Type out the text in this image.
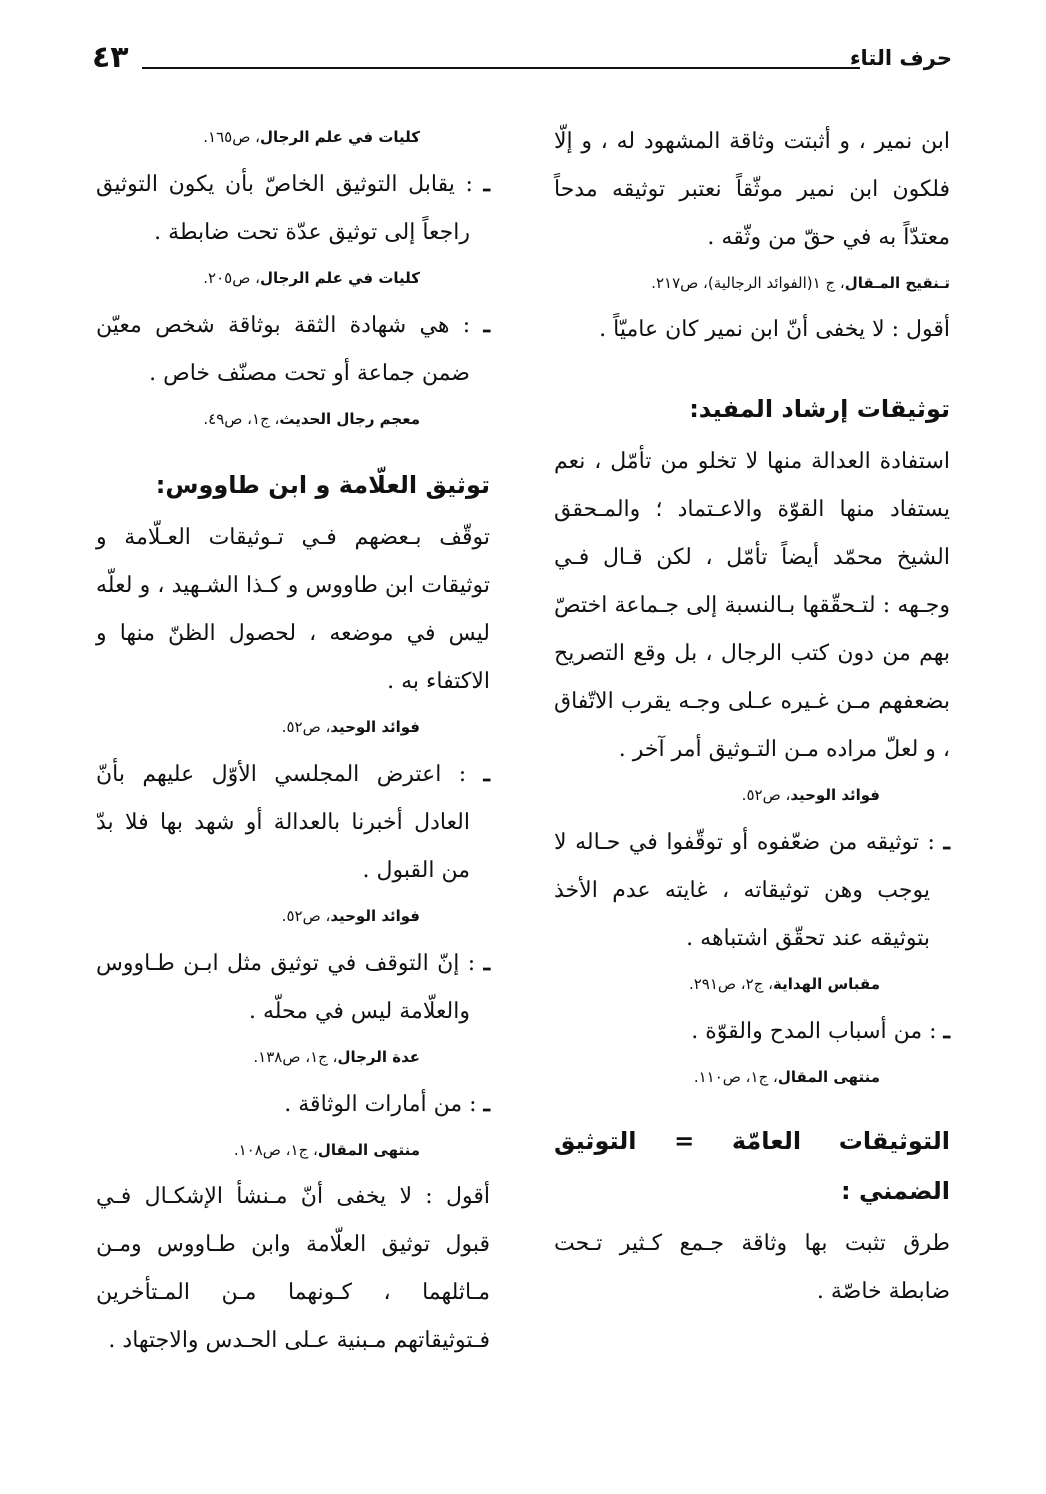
حرف التاء
٤٣

ابن نمير ، و أثبتت وثاقة المشهود له ، و إلّا فلكون ابن نمير موثّقاً نعتبر توثيقه مدحاً معتدّاً به في حقّ من وثّقه .

تـنقيح المـقال، ج ١(الفوائد الرجالية)، ص٢١٧.

أقول : لا يخفى أنّ ابن نمير كان عاميّاً .

توثيقات إرشاد المفيد:

استفادة العدالة منها لا تخلو من تأمّل ، نعم يستفاد منها القوّة والاعـتماد ؛ والمـحقق الشيخ محمّد أيضاً تأمّل ، لكن قـال فـي وجـهه : لتـحقّقها بـالنسبة إلى جـماعة اختصّ بهم من دون كتب الرجال ، بل وقع التصريح بضعفهم مـن غـيره عـلى وجـه يقرب الاتّفاق ، و لعلّ مراده مـن التـوثيق أمر آخر .

فوائد الوحيد، ص٥٢.

ـ : توثيقه من ضعّفوه أو توقّفوا في حـاله لا يوجب وهن توثيقاته ، غايته عدم الأخذ بتوثيقه عند تحقّق اشتباهه .

مقباس الهداية، ج٢، ص٢٩١.

ـ : من أسباب المدح والقوّة .

منتهى المقال، ج١، ص١١٠.
التوثيقات العامّة = التوثيق الضمني :

طرق تثبت بها وثاقة جـمع كـثير تـحت ضابطة خاصّة .

كليات في علم الرجال، ص١٦٥.

ـ : يقابل التوثيق الخاصّ بأن يكون التوثيق راجعاً إلى توثيق عدّة تحت ضابطة .

كليات في علم الرجال، ص٢٠٥.

ـ : هي شهادة الثقة بوثاقة شخص معيّن ضمن جماعة أو تحت مصنّف خاص .

معجم رجال الحديث، ج١، ص٤٩.
توثيق العلّامة و ابن طاووس:

توقّف بـعضهم فـي تـوثيقات العـلّامة و توثيقات ابن طاووس و كـذا الشـهيد ، و لعلّه ليس في موضعه ، لحصول الظنّ منها و الاكتفاء به .

فوائد الوحيد، ص٥٢.

ـ : اعترض المجلسي الأوّل عليهم بأنّ العادل أخبرنا بالعدالة أو شهد بها فلا بدّ من القبول .

فوائد الوحيد، ص٥٢.

ـ : إنّ التوقف في توثيق مثل ابـن طـاووس والعلّامة ليس في محلّه .

عدة الرجال، ج١، ص١٣٨.

ـ : من أمارات الوثاقة .

منتهى المقال، ج١، ص١٠٨.

أقول : لا يخفى أنّ مـنشأ الإشكـال فـي قبول توثيق العلّامة وابن طـاووس ومـن مـاثلهما ، كـونهما مـن المـتأخرين فـتوثيقاتهم مـبنية عـلى الحـدس والاجتهاد .
